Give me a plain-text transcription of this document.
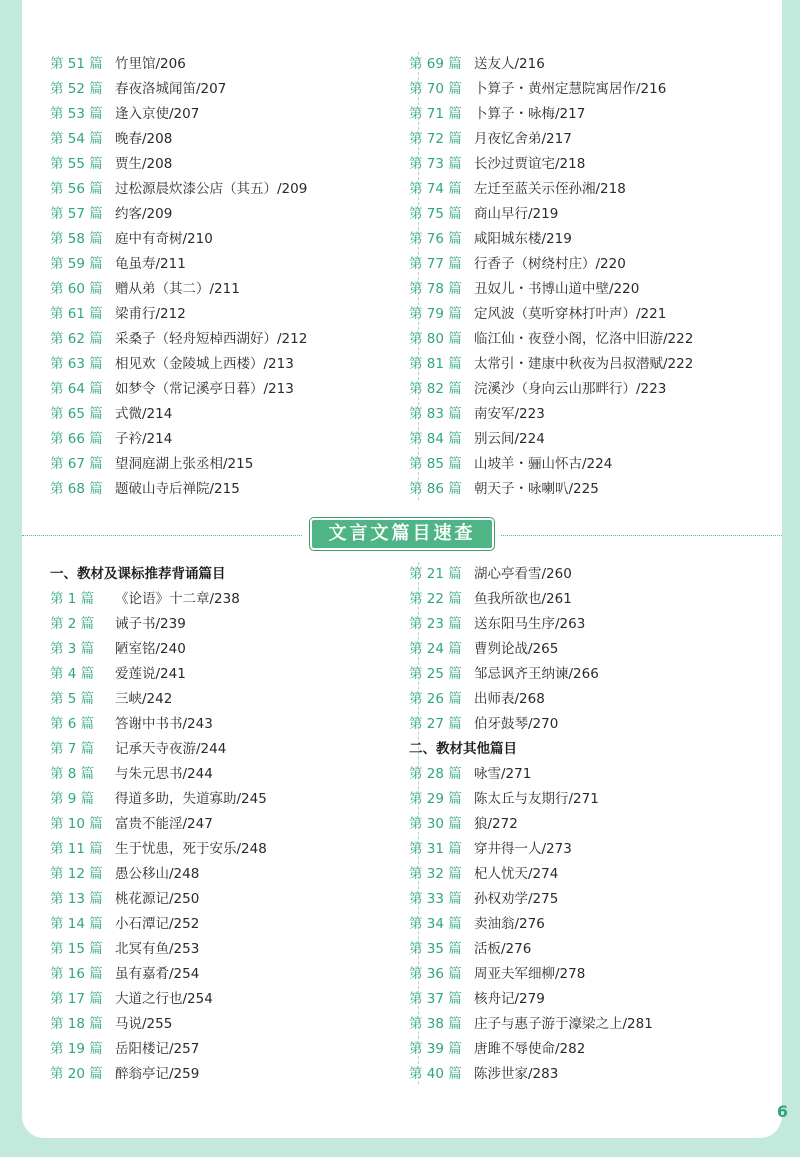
第 51 篇 竹里馆/206
第 52 篇 春夜洛城闻笛/207
第 53 篇 逢入京使/207
第 54 篇 晚春/208
第 55 篇 贾生/208
第 56 篇 过松源晨炊漆公店（其五）/209
第 57 篇 约客/209
第 58 篇 庭中有奇树/210
第 59 篇 龟虽寿/211
第 60 篇 赠从弟（其二）/211
第 61 篇 梁甫行/212
第 62 篇 采桑子（轻舟短棹西湖好）/212
第 63 篇 相见欢（金陵城上西楼）/213
第 64 篇 如梦令（常记溪亭日暮）/213
第 65 篇 式微/214
第 66 篇 子衿/214
第 67 篇 望洞庭湖上张丞相/215
第 68 篇 题破山寺后禅院/215
第 69 篇 送友人/216
第 70 篇 卜算子・黄州定慧院寓居作/216
第 71 篇 卜算子・咏梅/217
第 72 篇 月夜忆舍弟/217
第 73 篇 长沙过贾谊宅/218
第 74 篇 左迁至蓝关示侄孙湘/218
第 75 篇 商山早行/219
第 76 篇 咸阳城东楼/219
第 77 篇 行香子（树绕村庄）/220
第 78 篇 丑奴儿・书博山道中壁/220
第 79 篇 定风波（莫听穿林打叶声）/221
第 80 篇 临江仙・夜登小阁，忆洛中旧游/222
第 81 篇 太常引・建康中秋夜为吕叔潜赋/222
第 82 篇 浣溪沙（身向云山那畔行）/223
第 83 篇 南安军/223
第 84 篇 别云间/224
第 85 篇 山坡羊・骊山怀古/224
第 86 篇 朝天子・咏喇叭/225
文言文篇目速查
一、教材及课标推荐背诵篇目
第 1 篇 《论语》十二章/238
第 2 篇 诫子书/239
第 3 篇 陋室铭/240
第 4 篇 爱莲说/241
第 5 篇 三峡/242
第 6 篇 答谢中书书/243
第 7 篇 记承天寺夜游/244
第 8 篇 与朱元思书/244
第 9 篇 得道多助，失道寡助/245
第 10 篇 富贵不能淫/247
第 11 篇 生于忧患，死于安乐/248
第 12 篇 愚公移山/248
第 13 篇 桃花源记/250
第 14 篇 小石潭记/252
第 15 篇 北冥有鱼/253
第 16 篇 虽有嘉肴/254
第 17 篇 大道之行也/254
第 18 篇 马说/255
第 19 篇 岳阳楼记/257
第 20 篇 醉翁亭记/259
第 21 篇 湖心亭看雪/260
第 22 篇 鱼我所欲也/261
第 23 篇 送东阳马生序/263
第 24 篇 曹刿论战/265
第 25 篇 邹忌讽齐王纳谏/266
第 26 篇 出师表/268
第 27 篇 伯牙鼓琴/270
二、教材其他篇目
第 28 篇 咏雪/271
第 29 篇 陈太丘与友期行/271
第 30 篇 狼/272
第 31 篇 穿井得一人/273
第 32 篇 杞人忧天/274
第 33 篇 孙权劝学/275
第 34 篇 卖油翁/276
第 35 篇 活板/276
第 36 篇 周亚夫军细柳/278
第 37 篇 核舟记/279
第 38 篇 庄子与惠子游于濠梁之上/281
第 39 篇 唐雎不辱使命/282
第 40 篇 陈涉世家/283
6
